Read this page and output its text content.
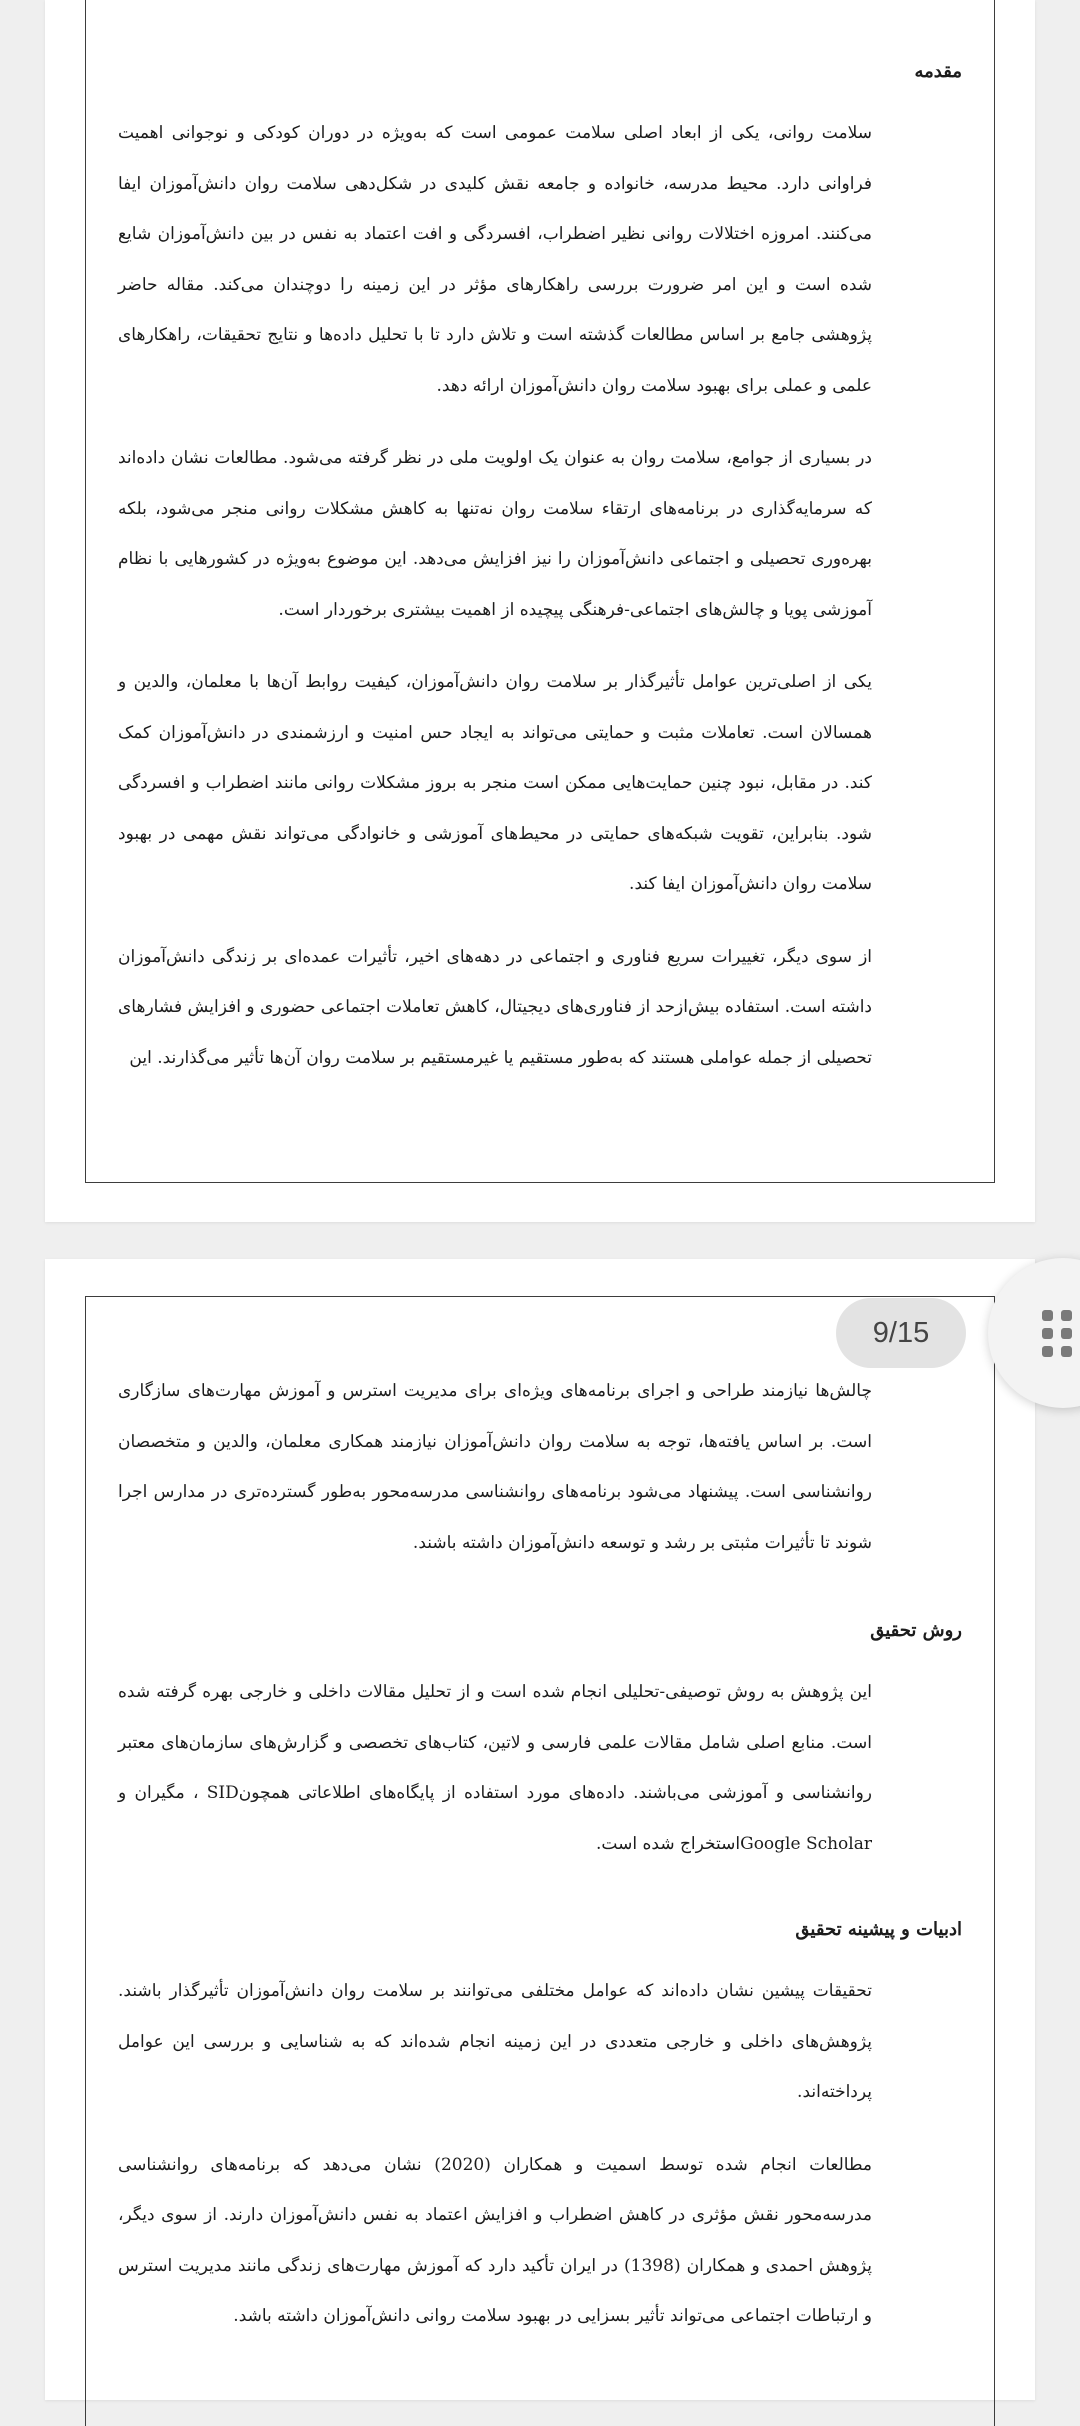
مقدمه

سلامت روانی، یکی از ابعاد اصلی سلامت عمومی است که به‌ویژه در دوران کودکی و نوجوانی اهمیت فراوانی دارد. محیط مدرسه، خانواده و جامعه نقش کلیدی در شکل‌دهی سلامت روان دانش‌آموزان ایفا می‌کنند. امروزه اختلالات روانی نظیر اضطراب، افسردگی و افت اعتماد به نفس در بین دانش‌آموزان شایع شده است و این امر ضرورت بررسی راهکارهای مؤثر در این زمینه را دوچندان می‌کند. مقاله حاضر پژوهشی جامع بر اساس مطالعات گذشته است و تلاش دارد تا با تحلیل داده‌ها و نتایج تحقیقات، راهکارهای علمی و عملی برای بهبود سلامت روان دانش‌آموزان ارائه دهد.

در بسیاری از جوامع، سلامت روان به عنوان یک اولویت ملی در نظر گرفته می‌شود. مطالعات نشان داده‌اند که سرمایه‌گذاری در برنامه‌های ارتقاء سلامت روان نه‌تنها به کاهش مشکلات روانی منجر می‌شود، بلکه بهره‌وری تحصیلی و اجتماعی دانش‌آموزان را نیز افزایش می‌دهد. این موضوع به‌ویژه در کشورهایی با نظام آموزشی پویا و چالش‌های اجتماعی-فرهنگی پیچیده از اهمیت بیشتری برخوردار است.

یکی از اصلی‌ترین عوامل تأثیرگذار بر سلامت روان دانش‌آموزان، کیفیت روابط آن‌ها با معلمان، والدین و همسالان است. تعاملات مثبت و حمایتی می‌تواند به ایجاد حس امنیت و ارزشمندی در دانش‌آموزان کمک کند. در مقابل، نبود چنین حمایت‌هایی ممکن است منجر به بروز مشکلات روانی مانند اضطراب و افسردگی شود. بنابراین، تقویت شبکه‌های حمایتی در محیط‌های آموزشی و خانوادگی می‌تواند نقش مهمی در بهبود سلامت روان دانش‌آموزان ایفا کند.

از سوی دیگر، تغییرات سریع فناوری و اجتماعی در دهه‌های اخیر، تأثیرات عمده‌ای بر زندگی دانش‌آموزان داشته است. استفاده بیش‌ازحد از فناوری‌های دیجیتال، کاهش تعاملات اجتماعی حضوری و افزایش فشارهای تحصیلی از جمله عواملی هستند که به‌طور مستقیم یا غیرمستقیم بر سلامت روان آن‌ها تأثیر می‌گذارند. این

چالش‌ها نیازمند طراحی و اجرای برنامه‌های ویژه‌ای برای مدیریت استرس و آموزش مهارت‌های سازگاری است. بر اساس یافته‌ها، توجه به سلامت روان دانش‌آموزان نیازمند همکاری معلمان، والدین و متخصصان روانشناسی است. پیشنهاد می‌شود برنامه‌های روانشناسی مدرسه‌محور به‌طور گسترده‌تری در مدارس اجرا شوند تا تأثیرات مثبتی بر رشد و توسعه دانش‌آموزان داشته باشند.

روش تحقیق

این پژوهش به روش توصیفی-تحلیلی انجام شده است و از تحلیل مقالات داخلی و خارجی بهره گرفته شده است. منابع اصلی شامل مقالات علمی فارسی و لاتین، کتاب‌های تخصصی و گزارش‌های سازمان‌های معتبر روانشناسی و آموزشی می‌باشند. داده‌های مورد استفاده از پایگاه‌های اطلاعاتی همچونSID ، مگیران و Google Scholarاستخراج شده است.

ادبیات و پیشینه تحقیق

تحقیقات پیشین نشان داده‌اند که عوامل مختلفی می‌توانند بر سلامت روان دانش‌آموزان تأثیرگذار باشند. پژوهش‌های داخلی و خارجی متعددی در این زمینه انجام شده‌اند که به شناسایی و بررسی این عوامل پرداخته‌اند.

مطالعات انجام شده توسط اسمیت و همکاران (2020) نشان می‌دهد که برنامه‌های روانشناسی مدرسه‌محور نقش مؤثری در کاهش اضطراب و افزایش اعتماد به نفس دانش‌آموزان دارند. از سوی دیگر، پژوهش احمدی و همکاران (1398) در ایران تأکید دارد که آموزش مهارت‌های زندگی مانند مدیریت استرس و ارتباطات اجتماعی می‌تواند تأثیر بسزایی در بهبود سلامت روانی دانش‌آموزان داشته باشد.

9/15
